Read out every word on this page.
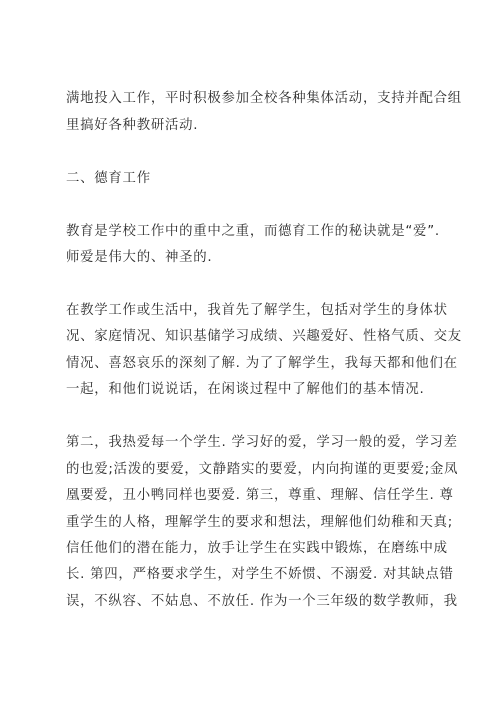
满地投入工作，平时积极参加全校各种集体活动，支持并配合组
里搞好各种教研活动.
二、德育工作
教育是学校工作中的重中之重，而德育工作的秘诀就是“爱”.
师爱是伟大的、神圣的.
在教学工作或生活中，我首先了解学生，包括对学生的身体状
况、家庭情况、知识基储学习成绩、兴趣爱好、性格气质、交友
情况、喜怒哀乐的深刻了解. 为了了解学生，我每天都和他们在
一起，和他们说说话，在闲谈过程中了解他们的基本情况.
第二，我热爱每一个学生. 学习好的爱，学习一般的爱，学习差
的也爱;活泼的要爱，文静踏实的要爱，内向拘谨的更要爱;金凤
凰要爱，丑小鸭同样也要爱. 第三，尊重、理解、信任学生. 尊
重学生的人格，理解学生的要求和想法，理解他们幼稚和天真;
信任他们的潜在能力，放手让学生在实践中锻炼，在磨练中成
长. 第四，严格要求学生，对学生不娇惯、不溺爱. 对其缺点错
误，不纵容、不姑息、不放任. 作为一个三年级的数学教师，我
